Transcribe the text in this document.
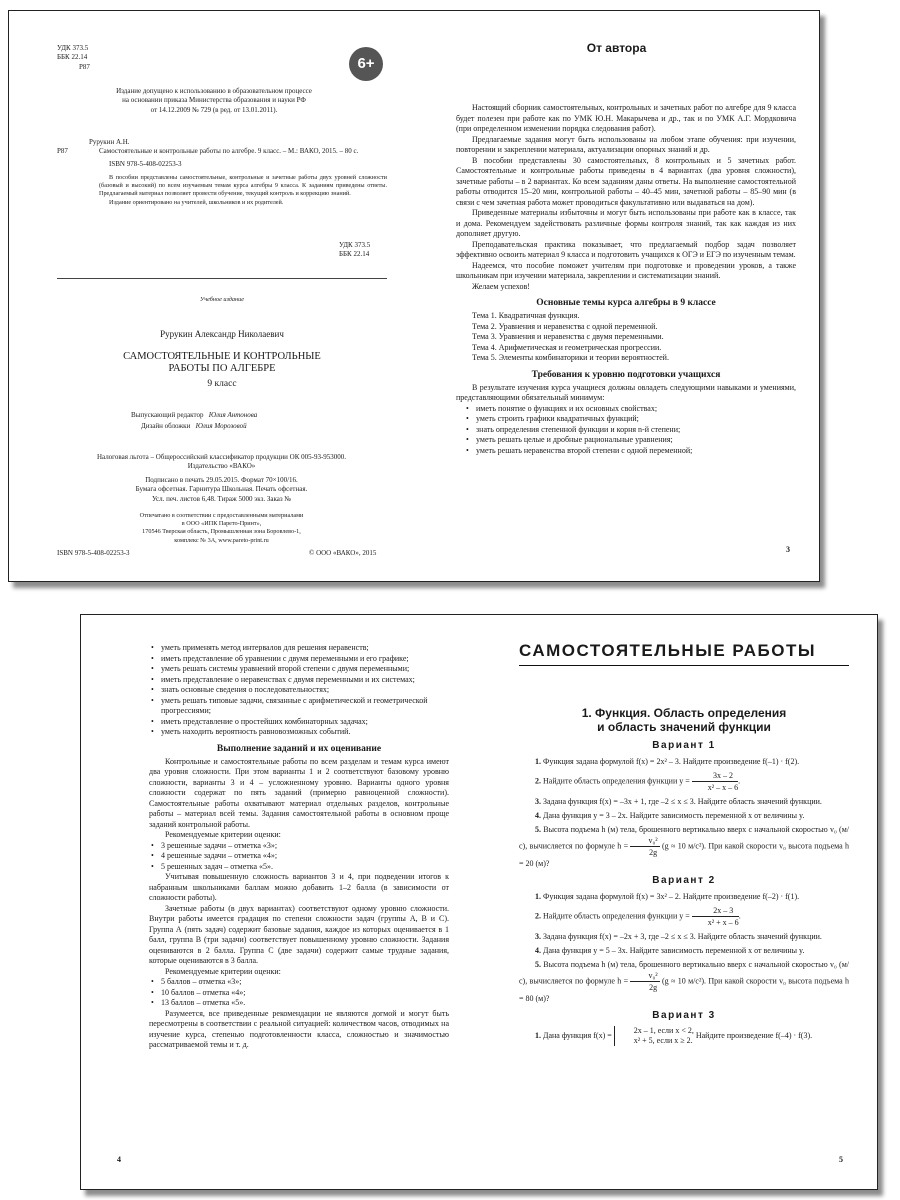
УДК 373.5

ББК 22.14

P87	6+

Издание допущено к использованию в образовательном процессе

на основании приказа Министерства образования и науки РФ

от 14.12.2009 № 729 (в ред. от 13.01.2011).

Рурукин А.Н.

P87	Самостоятельные и контрольные работы по алгебре. 9 класс. – М.: ВАКО, 2015. – 80 с.

ISBN 978-5-408-02253-3

В пособии представлены самостоятельные, контрольные и зачетные работы двух уровней сложности (базовый и высокий) по всем изучаемым темам курса алгебры 9 класса. К заданиям приведены ответы. Предлагаемый материал позволяет провести обучение, текущий контроль и коррекцию знаний.

Издание ориентировано на учителей, школьников и их родителей.

УДК 373.5

ББК 22.14

Учебное издание

Рурукин Александр Николаевич

САМОСТОЯТЕЛЬНЫЕ И КОНТРОЛЬНЫЕ РАБОТЫ ПО АЛГЕБРЕ

9 класс

Выпускающий редактор Юлия Антонова

Дизайн обложки Юлия Морозовой

Налоговая льгота – Общероссийский классификатор продукции ОК 005-93-953000.

Издательство «ВАКО»

Подписано в печать 29.05.2015. Формат 70×100/16.

Бумага офсетная. Гарнитура Школьная. Печать офсетная.

Усл. печ. листов 6,48. Тираж 5000 экз. Заказ №

Отпечатано в соответствии с предоставленными материалами

в ООО «ИПК Парето-Принт»,

170546 Тверская область, Промышленная зона Боровлево-1,

комплекс № 3А, www.pareto-print.ru

ISBN 978-5-408-02253-3	© ООО «ВАКО», 2015

От автора

Настоящий сборник самостоятельных, контрольных и зачетных работ по алгебре для 9 класса будет полезен при работе как по УМК Ю.Н. Макарычева и др., так и по УМК А.Г. Мордковича (при определенном изменении порядка следования работ).

Предлагаемые задания могут быть использованы на любом этапе обучения: при изучении, повторении и закреплении материала, актуализации опорных знаний и др.

В пособии представлены 30 самостоятельных, 8 контрольных и 5 зачетных работ. Самостоятельные и контрольные работы приведены в 4 вариантах (два уровня сложности), зачетные работы – в 2 вариантах. Ко всем заданиям даны ответы. На выполнение самостоятельной работы отводится 15–20 мин, контрольной работы – 40–45 мин, зачетной работы – 85–90 мин (в связи с чем зачетная работа может проводиться факультативно или выдаваться на дом).

Приведенные материалы избыточны и могут быть использованы при работе как в классе, так и дома. Рекомендуем задействовать различные формы контроля знаний, так как каждая из них дополняет другую.

Преподавательская практика показывает, что предлагаемый подбор задач позволяет эффективно освоить материал 9 класса и подготовить учащихся к ОГЭ и ЕГЭ по изученным темам.

Надеемся, что пособие поможет учителям при подготовке и проведении уроков, а также школьникам при изучении материала, закреплении и систематизации знаний.

Желаем успехов!

Основные темы курса алгебры в 9 классе

Тема 1. Квадратичная функция.

Тема 2. Уравнения и неравенства с одной переменной.

Тема 3. Уравнения и неравенства с двумя переменными.

Тема 4. Арифметическая и геометрическая прогрессии.

Тема 5. Элементы комбинаторики и теории вероятностей.

Требования к уровню подготовки учащихся

В результате изучения курса учащиеся должны овладеть следующими навыками и умениями, представляющими обязательный минимум:

• иметь понятие о функциях и их основных свойствах;
• уметь строить графики квадратичных функций;
• знать определения степенной функции и корня n-й степени;
• уметь решать целые и дробные рациональные уравнения;
• уметь решать неравенства второй степени с одной переменной;
3
• уметь применять метод интервалов для решения неравенств;
• иметь представление об уравнении с двумя переменными и его графике;
• уметь решать системы уравнений второй степени с двумя переменными;
• иметь представление о неравенствах с двумя переменными и их системах;
• знать основные сведения о последовательностях;
• уметь решать типовые задачи, связанные с арифметической и геометрической прогрессиями;
• иметь представление о простейших комбинаторных задачах;
• уметь находить вероятность равновозможных событий.

Выполнение заданий и их оценивание

Контрольные и самостоятельные работы по всем разделам и темам курса имеют два уровня сложности. При этом варианты 1 и 2 соответствуют базовому уровню сложности, варианты 3 и 4 – усложненному уровню. Варианты одного уровня сложности содержат по пять заданий (примерно равноценной сложности). Самостоятельные работы охватывают материал отдельных разделов, контрольные работы – материал всей темы. Задания самостоятельной работы в основном проще заданий контрольной работы.

Рекомендуемые критерии оценки:

• 3 решенные задачи – отметка «3»;
• 4 решенные задачи – отметка «4»;
• 5 решенных задач – отметка «5».

Учитывая повышенную сложность вариантов 3 и 4, при подведении итогов к набранным школьниками баллам можно добавить 1–2 балла (в зависимости от сложности работы).

Зачетные работы (в двух вариантах) соответствуют одному уровню сложности. Внутри работы имеется градация по степени сложности задач (группы А, В и С). Группа А (пять задач) содержит базовые задания, каждое из которых оценивается в 1 балл, группа В (три задачи) соответствует повышенному уровню сложности. Задания оцениваются в 2 балла. Группа С (две задачи) содержит самые трудные задания, которые оцениваются в 3 балла.

Рекомендуемые критерии оценки:

• 5 баллов – отметка «3»;
• 10 баллов – отметка «4»;
• 13 баллов – отметка «5».

Разумеется, все приведенные рекомендации не являются догмой и могут быть пересмотрены в соответствии с реальной ситуацией: количеством часов, отводимых на изучение курса, степенью подготовленности класса, сложностью и значимостью рассматриваемой темы и т. д.

4
САМОСТОЯТЕЛЬНЫЕ РАБОТЫ

1. Функция. Область определения

и область значений функции

Вариант 1

1. Функция задана формулой f(x) = 2x² – 3. Найдите произведение f(–1) · f(2).

2. Найдите область определения функции $y = \frac{3x - 2}{\text{x² – x – 6}}$ .

3. Задана функция f(x) = –3x + 1, где –2 ≤ x ≤ 3. Найдите область значений функции.

4. Дана функция y = 3 – 2x. Найдите зависимость переменной x от величины y.

5. Высота подъема h (м) тела, брошенного вертикально вверх с начальной скоростью v₀ (м/с), вычисляется по формуле $h = \frac{\text{v₀²}}{2g} (g \approx 10$ м/с²). При какой скорости v₀ высота подъема h = 20 (м)?

Вариант 2

1. Функция задана формулой f(x) = 3x² – 2. Найдите произведение f(–2) · f(1).

2. Найдите область определения функции $y = \frac{2x - 3}{\text{x² + x – 6}}$ .

3. Задана функция f(x) = –2x + 3, где –2 ≤ x ≤ 3. Найдите область значений функции.

4. Дана функция y = 5 – 3x. Найдите зависимость переменной x от величины y.

5. Высота подъема h (м) тела, брошенного вертикально вверх с начальной скоростью v₀ (м/с), вычисляется по формуле $h = \frac{\text{v₀²}}{2g} (g \approx 10$ м/с²). При какой скорости v₀ высота подъема h = 80 (м)?

Вариант 3

1. Дана функция f(x) =
2x – 1, если x < 2,
x² + 5, если x ≥ 2.
Найдите произведение f(–4) · f(3).

5
